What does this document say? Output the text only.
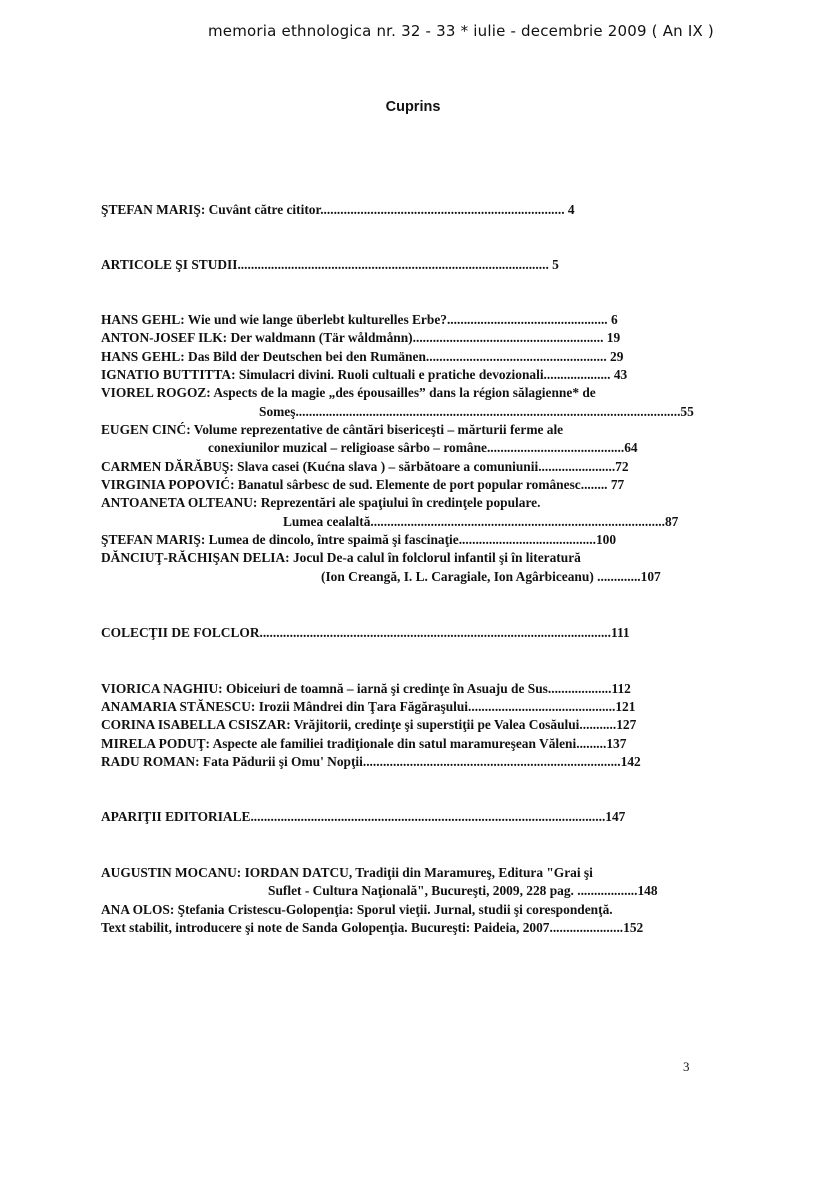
memoria ethnologica nr. 32 - 33 * iulie - decembrie 2009 ( An IX )
Cuprins
ŞTEFAN MARIŞ: Cuvânt către cititor......................................................................... 4
ARTICOLE ŞI STUDII............................................................................................. 5
HANS GEHL: Wie und wie lange überlebt kulturelles Erbe?................................................ 6
ANTON-JOSEF ILK: Der waldmann (Tär wåldmånn)......................................................... 19
HANS GEHL: Das Bild der Deutschen bei den Rumänen...................................................... 29
IGNATIO BUTTITTA: Simulacri divini. Ruoli cultuali e pratiche devozionali.................... 43
VIOREL ROGOZ: Aspects de la magie „des épousailles” dans la région sălagienne* de
Someş...................................................................................................................55
EUGEN CINĆ: Volume reprezentative de cântări bisericeşti – mărturii ferme ale
conexiunilor muzical – religioase sârbo – române.........................................64
CARMEN DĂRĂBUŞ: Slava casei (Kućna slava ) – sărbătoare a comuniunii.......................72
VIRGINIA POPOVIĆ: Banatul sârbesc de sud. Elemente de port popular românesc........ 77
ANTOANETA OLTEANU: Reprezentări ale spaţiului în credinţele populare.
Lumea cealaltă........................................................................................87
ŞTEFAN MARIŞ: Lumea de dincolo, între spaimă şi fascinaţie.........................................100
DĂNCIUŢ-RĂCHIŞAN DELIA: Jocul De-a calul în folclorul infantil şi în literatură
(Ion Creangă, I. L. Caragiale, Ion Agârbiceanu) .............107
COLECŢII DE FOLCLOR.........................................................................................................111
VIORICA NAGHIU: Obiceiuri de toamnă – iarnă şi credinţe în Asuaju de Sus...................112
ANAMARIA STĂNESCU: Irozii Mândrei din Ţara Făgăraşului............................................121
CORINA ISABELLA CSISZAR: Vrăjitorii, credinţe şi superstiţii pe Valea Cosăului...........127
MIRELA PODUŢ: Aspecte ale familiei tradiţionale din satul maramureşean Văleni.........137
RADU ROMAN: Fata Pădurii şi Omu' Nopţii.............................................................................142
APARIŢII EDITORIALE..........................................................................................................147
AUGUSTIN MOCANU: IORDAN DATCU, Tradiţii din Maramureş, Editura "Grai şi
Suflet - Cultura Naţională", Bucureşti, 2009, 228 pag. ..................148
ANA OLOS: Ştefania Cristescu-Golopenţia: Sporul vieţii. Jurnal, studii şi corespondenţă.
Text stabilit, introducere şi note de Sanda Golopenţia. Bucureşti: Paideia, 2007......................152
3
